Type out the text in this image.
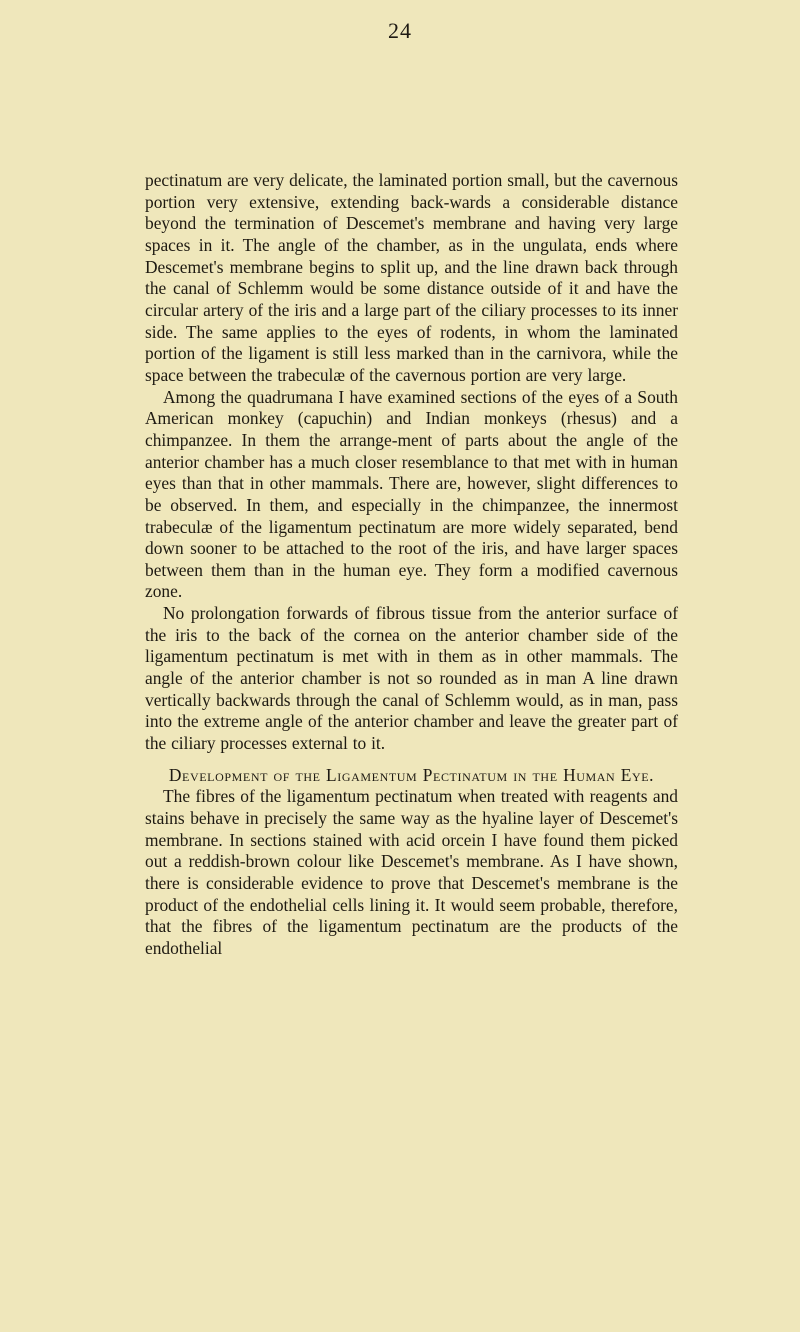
24

pectinatum are very delicate, the laminated portion small, but the cavernous portion very extensive, extending back-wards a considerable distance beyond the termination of Descemet's membrane and having very large spaces in it. The angle of the chamber, as in the ungulata, ends where Descemet's membrane begins to split up, and the line drawn back through the canal of Schlemm would be some distance outside of it and have the circular artery of the iris and a large part of the ciliary processes to its inner side. The same applies to the eyes of rodents, in whom the laminated portion of the ligament is still less marked than in the carnivora, while the space between the trabeculæ of the cavernous portion are very large.

Among the quadrumana I have examined sections of the eyes of a South American monkey (capuchin) and Indian monkeys (rhesus) and a chimpanzee. In them the arrange-ment of parts about the angle of the anterior chamber has a much closer resemblance to that met with in human eyes than that in other mammals. There are, however, slight differences to be observed. In them, and especially in the chimpanzee, the innermost trabeculæ of the ligamentum pectinatum are more widely separated, bend down sooner to be attached to the root of the iris, and have larger spaces between them than in the human eye. They form a modified cavernous zone.

No prolongation forwards of fibrous tissue from the anterior surface of the iris to the back of the cornea on the anterior chamber side of the ligamentum pectinatum is met with in them as in other mammals. The angle of the anterior chamber is not so rounded as in man A line drawn vertically backwards through the canal of Schlemm would, as in man, pass into the extreme angle of the anterior chamber and leave the greater part of the ciliary processes external to it.

Development of the Ligamentum Pectinatum in the Human Eye.

The fibres of the ligamentum pectinatum when treated with reagents and stains behave in precisely the same way as the hyaline layer of Descemet's membrane. In sections stained with acid orcein I have found them picked out a reddish-brown colour like Descemet's membrane. As I have shown, there is considerable evidence to prove that Descemet's membrane is the product of the endothelial cells lining it. It would seem probable, therefore, that the fibres of the ligamentum pectinatum are the products of the endothelial
